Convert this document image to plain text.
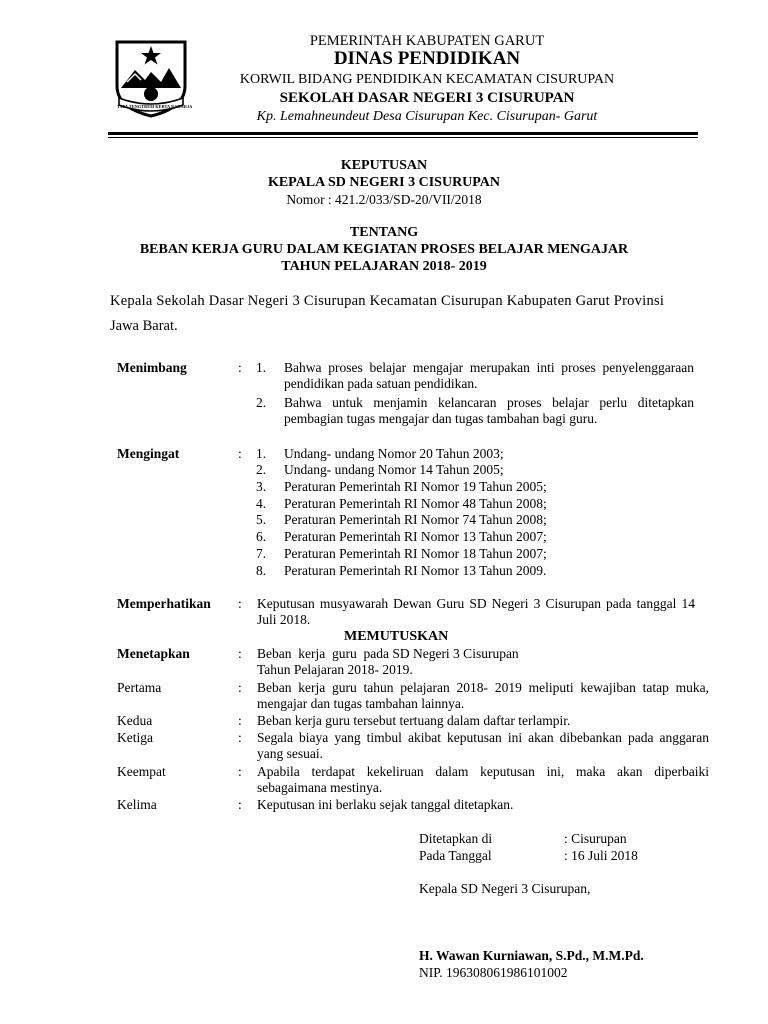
TATA TENGTREM KERTA RAHARJA
PEMERINTAH KABUPATEN GARUT
DINAS PENDIDIKAN
KORWIL BIDANG PENDIDIKAN KECAMATAN CISURUPAN
SEKOLAH DASAR NEGERI 3 CISURUPAN
Kp. Lemahneundeut Desa Cisurupan Kec. Cisurupan- Garut
KEPUTUSAN
KEPALA SD NEGERI 3 CISURUPAN
Nomor : 421.2/033/SD-20/VII/2018
TENTANG
BEBAN KERJA GURU DALAM KEGIATAN PROSES BELAJAR MENGAJAR
TAHUN PELAJARAN 2018- 2019
Kepala Sekolah Dasar Negeri 3 Cisurupan Kecamatan Cisurupan Kabupaten Garut Provinsi
Jawa Barat.
Menimbang	: 1. Bahwa proses belajar mengajar merupakan inti proses penyelenggaraan pendidikan pada satuan pendidikan.
2. Bahwa untuk menjamin kelancaran proses belajar perlu ditetapkan pembagian tugas mengajar dan tugas tambahan bagi guru.
Mengingat	: 1. Undang- undang Nomor 20 Tahun 2003;
2. Undang- undang Nomor 14 Tahun 2005;
3. Peraturan Pemerintah RI Nomor 19 Tahun 2005;
4. Peraturan Pemerintah RI Nomor 48 Tahun 2008;
5. Peraturan Pemerintah RI Nomor 74 Tahun 2008;
6. Peraturan Pemerintah RI Nomor 13 Tahun 2007;
7. Peraturan Pemerintah RI Nomor 18 Tahun 2007;
8. Peraturan Pemerintah RI Nomor 13 Tahun 2009.
Memperhatikan : Keputusan musyawarah Dewan Guru SD Negeri 3 Cisurupan pada tanggal 14 Juli 2018.
MEMUTUSKAN
Menetapkan	: Beban  kerja  guru  pada SD Negeri 3 Cisurupan
Tahun Pelajaran 2018- 2019.
Pertama	: Beban kerja guru tahun pelajaran 2018- 2019 meliputi kewajiban tatap muka, mengajar dan tugas tambahan lainnya.
Kedua	: Beban kerja guru tersebut tertuang dalam daftar terlampir.
Ketiga	: Segala biaya yang timbul akibat keputusan ini akan dibebankan pada anggaran yang sesuai.
Keempat	: Apabila terdapat kekeliruan dalam keputusan ini, maka akan diperbaiki sebagaimana mestinya.
Kelima	: Keputusan ini berlaku sejak tanggal ditetapkan.
Ditetapkan di	: Cisurupan
Pada Tanggal	: 16 Juli 2018
Kepala SD Negeri 3 Cisurupan,
H. Wawan Kurniawan, S.Pd., M.M.Pd.
NIP. 196308061986101002
